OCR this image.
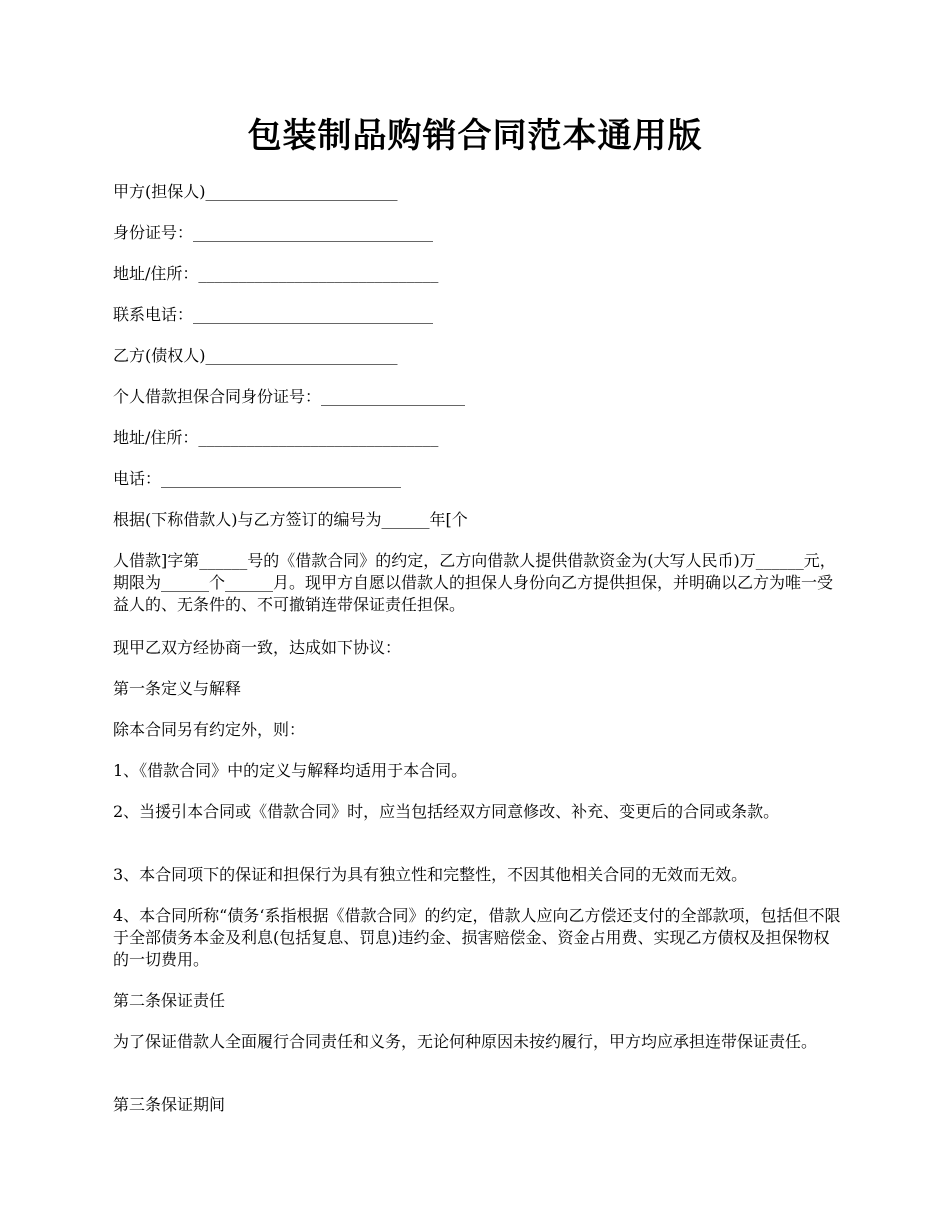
包装制品购销合同范本通用版

甲方(担保人)________________________

身份证号：______________________________

地址/住所：______________________________

联系电话：______________________________

乙方(债权人)________________________

个人借款担保合同身份证号：__________________

地址/住所：______________________________

电话：______________________________

根据(下称借款人)与乙方签订的编号为______年[个

人借款]字第______号的《借款合同》的约定，乙方向借款人提供借款资金为(大写人民币)万______元，期限为______个______月。现甲方自愿以借款人的担保人身份向乙方提供担保，并明确以乙方为唯一受益人的、无条件的、不可撤销连带保证责任担保。

现甲乙双方经协商一致，达成如下协议：

第一条定义与解释

除本合同另有约定外，则：

1、《借款合同》中的定义与解释均适用于本合同。

2、当援引本合同或《借款合同》时，应当包括经双方同意修改、补充、变更后的合同或条款。

3、本合同项下的保证和担保行为具有独立性和完整性，不因其他相关合同的无效而无效。

4、本合同所称“债务‘系指根据《借款合同》的约定，借款人应向乙方偿还支付的全部款项，包括但不限于全部债务本金及利息(包括复息、罚息)违约金、损害赔偿金、资金占用费、实现乙方债权及担保物权的一切费用。

第二条保证责任

为了保证借款人全面履行合同责任和义务，无论何种原因未按约履行，甲方均应承担连带保证责任。

第三条保证期间
